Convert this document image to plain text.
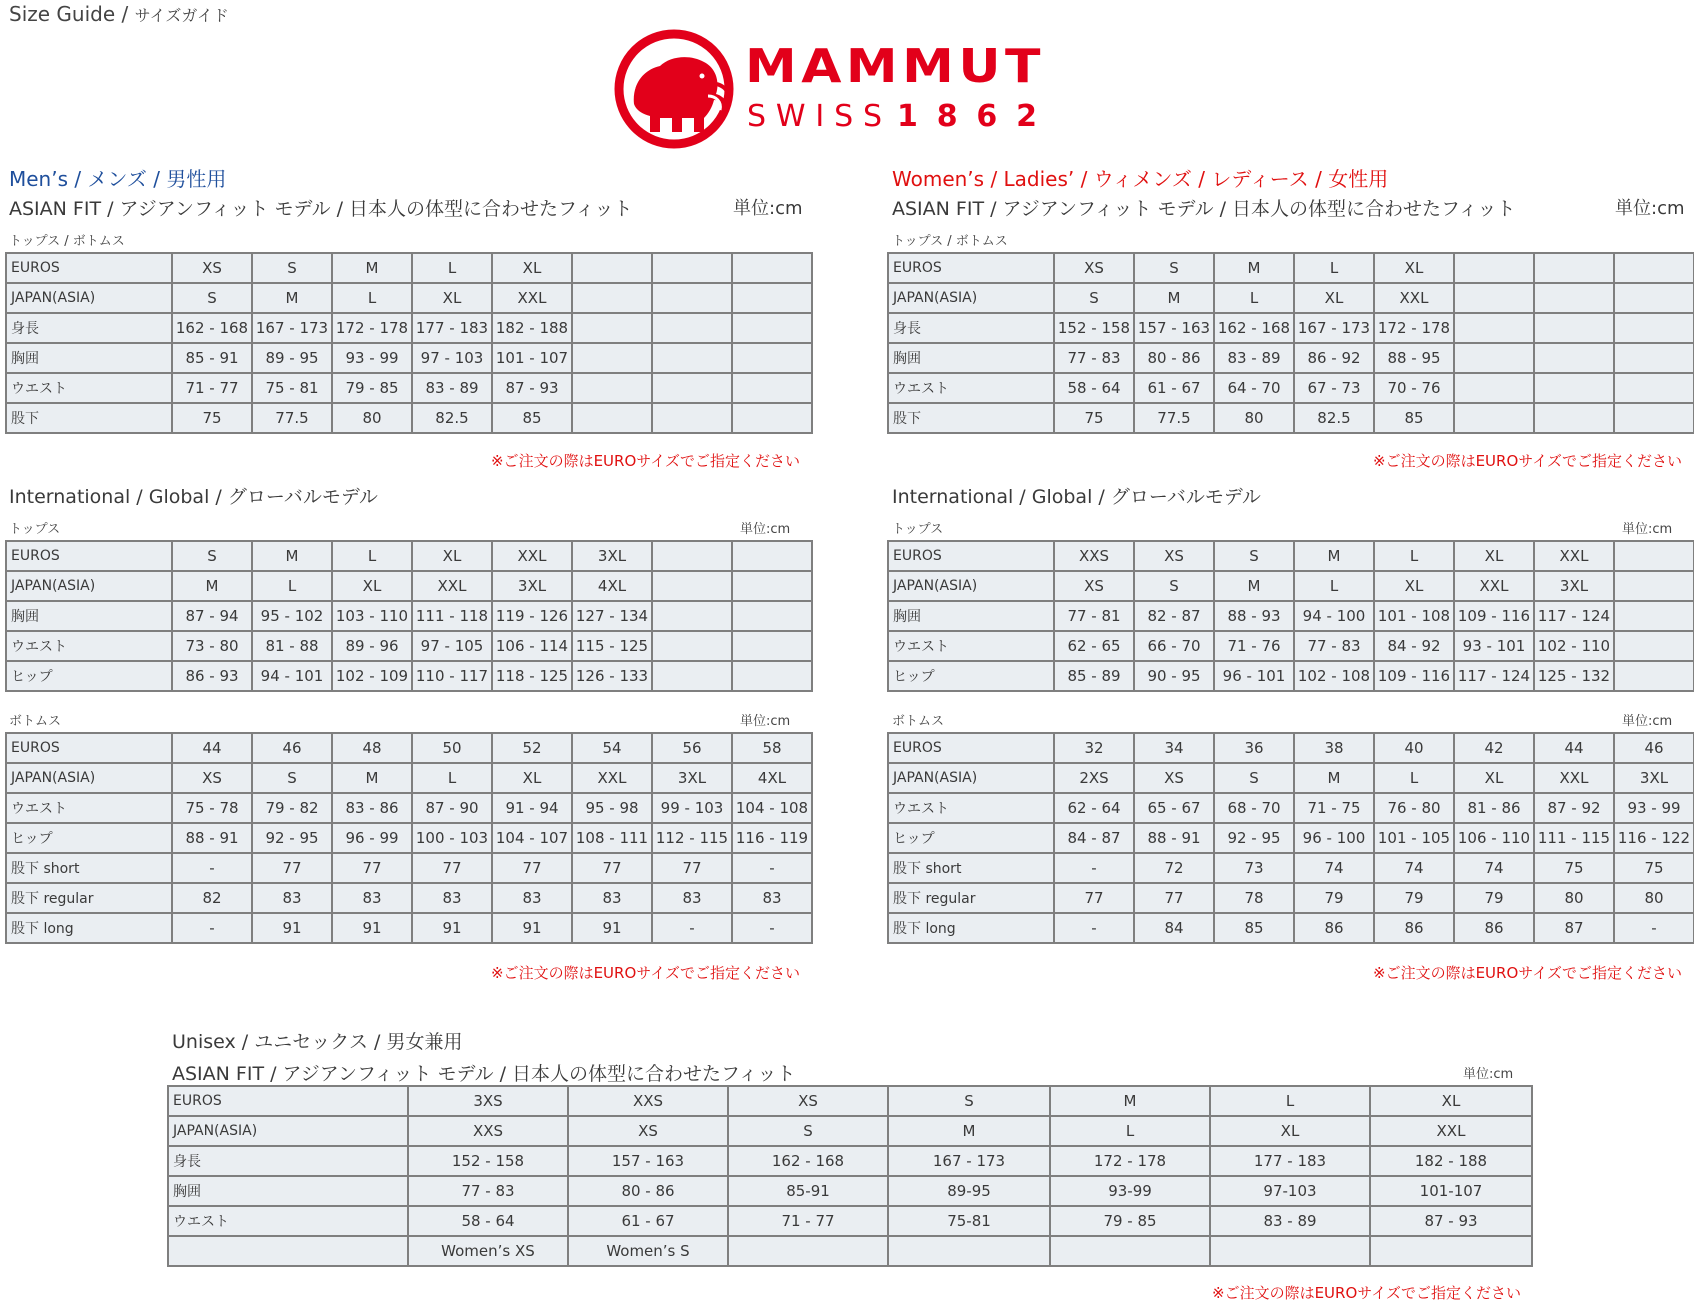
Size Guide / サイズガイド
MAMMUT
SWISS 1862
Men’s / メンズ / 男性用
ASIAN FIT / アジアンフィット モデル / 日本人の体型に合わせたフィット	単位:cm
トップス / ボトムス
EUROS	XS	S	M	L	XL			
JAPAN(ASIA)	S	M	L	XL	XXL			
身長	162 - 168	167 - 173	172 - 178	177 - 183	182 - 188			
胸囲	85 - 91	89 - 95	93 - 99	97 - 103	101 - 107			
ウエスト	71 - 77	75 - 81	79 - 85	83 - 89	87 - 93			
股下	75	77.5	80	82.5	85			
※ご注文の際はEUROサイズでご指定ください
International / Global / グローバルモデル
トップス	単位:cm
EUROS	S	M	L	XL	XXL	3XL		
JAPAN(ASIA)	M	L	XL	XXL	3XL	4XL		
胸囲	87 - 94	95 - 102	103 - 110	111 - 118	119 - 126	127 - 134		
ウエスト	73 - 80	81 - 88	89 - 96	97 - 105	106 - 114	115 - 125		
ヒップ	86 - 93	94 - 101	102 - 109	110 - 117	118 - 125	126 - 133		
ボトムス	単位:cm
EUROS	44	46	48	50	52	54	56	58
JAPAN(ASIA)	XS	S	M	L	XL	XXL	3XL	4XL
ウエスト	75 - 78	79 - 82	83 - 86	87 - 90	91 - 94	95 - 98	99 - 103	104 - 108
ヒップ	88 - 91	92 - 95	96 - 99	100 - 103	104 - 107	108 - 111	112 - 115	116 - 119
股下 short	-	77	77	77	77	77	77	-
股下 regular	82	83	83	83	83	83	83	83
股下 long	-	91	91	91	91	91	-	-
※ご注文の際はEUROサイズでご指定ください
Women’s / Ladies’ / ウィメンズ / レディース / 女性用
ASIAN FIT / アジアンフィット モデル / 日本人の体型に合わせたフィット	単位:cm
トップス / ボトムス
EUROS	XS	S	M	L	XL			
JAPAN(ASIA)	S	M	L	XL	XXL			
身長	152 - 158	157 - 163	162 - 168	167 - 173	172 - 178			
胸囲	77 - 83	80 - 86	83 - 89	86 - 92	88 - 95			
ウエスト	58 - 64	61 - 67	64 - 70	67 - 73	70 - 76			
股下	75	77.5	80	82.5	85			
※ご注文の際はEUROサイズでご指定ください
International / Global / グローバルモデル
トップス	単位:cm
EUROS	XXS	XS	S	M	L	XL	XXL	
JAPAN(ASIA)	XS	S	M	L	XL	XXL	3XL	
胸囲	77 - 81	82 - 87	88 - 93	94 - 100	101 - 108	109 - 116	117 - 124	
ウエスト	62 - 65	66 - 70	71 - 76	77 - 83	84 - 92	93 - 101	102 - 110	
ヒップ	85 - 89	90 - 95	96 - 101	102 - 108	109 - 116	117 - 124	125 - 132	
ボトムス	単位:cm
EUROS	32	34	36	38	40	42	44	46
JAPAN(ASIA)	2XS	XS	S	M	L	XL	XXL	3XL
ウエスト	62 - 64	65 - 67	68 - 70	71 - 75	76 - 80	81 - 86	87 - 92	93 - 99
ヒップ	84 - 87	88 - 91	92 - 95	96 - 100	101 - 105	106 - 110	111 - 115	116 - 122
股下 short	-	72	73	74	74	74	75	75
股下 regular	77	77	78	79	79	79	80	80
股下 long	-	84	85	86	86	86	87	-
※ご注文の際はEUROサイズでご指定ください
Unisex / ユニセックス / 男女兼用
ASIAN FIT / アジアンフィット モデル / 日本人の体型に合わせたフィット	単位:cm
EUROS	3XS	XXS	XS	S	M	L	XL
JAPAN(ASIA)	XXS	XS	S	M	L	XL	XXL
身長	152 - 158	157 - 163	162 - 168	167 - 173	172 - 178	177 - 183	182 - 188
胸囲	77 - 83	80 - 86	85-91	89-95	93-99	97-103	101-107
ウエスト	58 - 64	61 - 67	71 - 77	75-81	79 - 85	83 - 89	87 - 93
	Women’s XS	Women’s S					
※ご注文の際はEUROサイズでご指定ください
